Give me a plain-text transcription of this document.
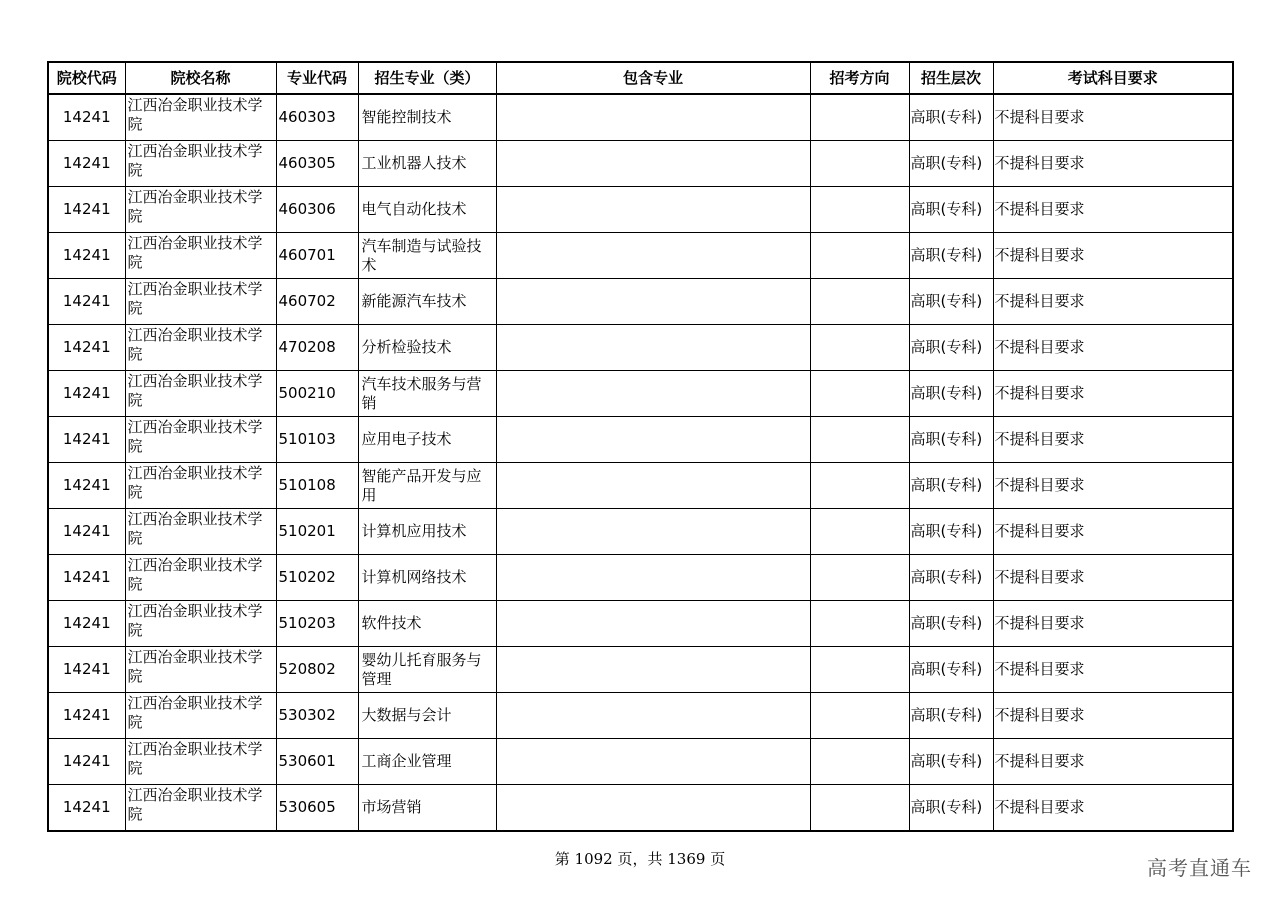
院校代码	院校名称	专业代码	招生专业（类）	包含专业	招考方向	招生层次	考试科目要求
14241	江西冶金职业技术学院	460303	智能控制技术			高职(专科)	不提科目要求
14241	江西冶金职业技术学院	460305	工业机器人技术			高职(专科)	不提科目要求
14241	江西冶金职业技术学院	460306	电气自动化技术			高职(专科)	不提科目要求
14241	江西冶金职业技术学院	460701	汽车制造与试验技术			高职(专科)	不提科目要求
14241	江西冶金职业技术学院	460702	新能源汽车技术			高职(专科)	不提科目要求
14241	江西冶金职业技术学院	470208	分析检验技术			高职(专科)	不提科目要求
14241	江西冶金职业技术学院	500210	汽车技术服务与营销			高职(专科)	不提科目要求
14241	江西冶金职业技术学院	510103	应用电子技术			高职(专科)	不提科目要求
14241	江西冶金职业技术学院	510108	智能产品开发与应用			高职(专科)	不提科目要求
14241	江西冶金职业技术学院	510201	计算机应用技术			高职(专科)	不提科目要求
14241	江西冶金职业技术学院	510202	计算机网络技术			高职(专科)	不提科目要求
14241	江西冶金职业技术学院	510203	软件技术			高职(专科)	不提科目要求
14241	江西冶金职业技术学院	520802	婴幼儿托育服务与管理			高职(专科)	不提科目要求
14241	江西冶金职业技术学院	530302	大数据与会计			高职(专科)	不提科目要求
14241	江西冶金职业技术学院	530601	工商企业管理			高职(专科)	不提科目要求
14241	江西冶金职业技术学院	530605	市场营销			高职(专科)	不提科目要求
第 1092 页，共 1369 页	高考直通车
